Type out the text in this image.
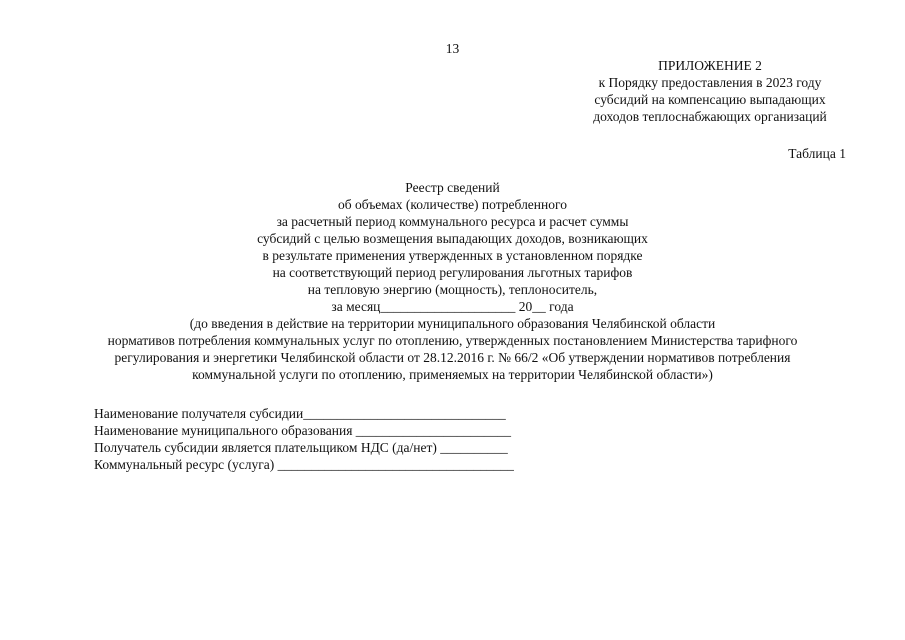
13
ПРИЛОЖЕНИЕ 2
к Порядку предоставления в 2023 году
субсидий на компенсацию выпадающих
доходов теплоснабжающих организаций
Таблица 1
Реестр сведений
об объемах (количестве) потребленного
за расчетный период коммунального ресурса и расчет суммы
субсидий с целью возмещения выпадающих доходов, возникающих
в результате применения утвержденных в установленном порядке
на соответствующий период регулирования льготных тарифов
на тепловую энергию (мощность), теплоноситель,
за месяц____________________ 20__ года
(до введения в действие на территории муниципального образования Челябинской области
нормативов потребления коммунальных услуг по отоплению, утвержденных постановлением Министерства тарифного
регулирования и энергетики Челябинской области от 28.12.2016 г. № 66/2 «Об утверждении нормативов потребления
коммунальной услуги по отоплению, применяемых на территории Челябинской области»)
Наименование получателя субсидии______________________________
Наименование муниципального образования _______________________
Получатель субсидии является плательщиком НДС (да/нет) __________
Коммунальный ресурс (услуга) ___________________________________
